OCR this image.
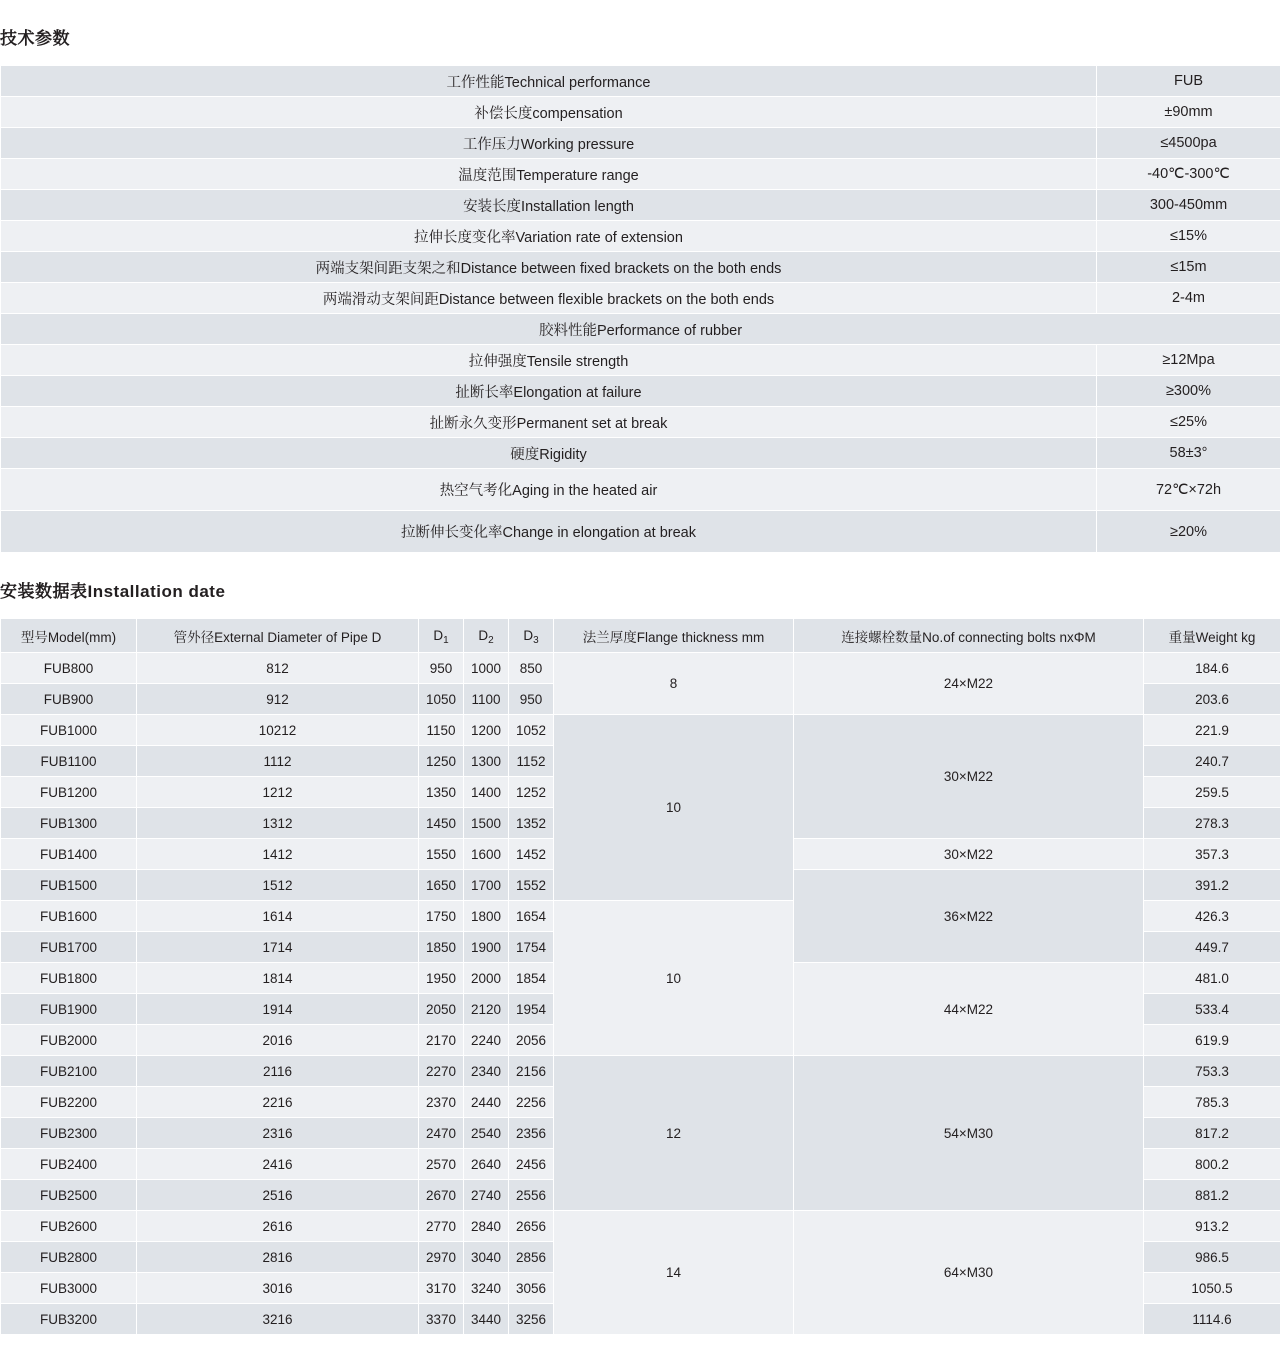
技术参数
工作性能Technical performance	FUB
补偿长度compensation	±90mm
工作压力Working pressure	≤4500pa
温度范围Temperature range	-40℃-300℃
安装长度Installation length	300-450mm
拉伸长度变化率Variation rate of extension	≤15%
两端支架间距支架之和Distance between fixed brackets on the both ends	≤15m
两端滑动支架间距Distance between flexible brackets on the both ends	2-4m
胶料性能Performance of rubber	
拉伸强度Tensile strength	≥12Mpa
扯断长率Elongation at failure	≥300%
扯断永久变形Permanent set at break	≤25%
硬度Rigidity	58±3°
热空气考化Aging in the heated air	72℃×72h
拉断伸长变化率Change in elongation at break	≥20%
安装数据表Installation date
型号Model(mm)	管外径External Diameter of Pipe D	$D_1$	$D_2$	$D_3$	法兰厚度Flange thickness mm	连接螺栓数量No.of connecting bolts nxΦM	重量Weight kg
FUB800	812	950	1000	850	8	24×M22	184.6
FUB900	912	1050	1100	950			203.6
FUB1000	10212	1150	1200	1052	10	30×M22	221.9
FUB1100	1112	1250	1300	1152			240.7
FUB1200	1212	1350	1400	1252			259.5
FUB1300	1312	1450	1500	1352			278.3
FUB1400	1412	1550	1600	1452		30×M22	357.3
FUB1500	1512	1650	1700	1552		36×M22	391.2
FUB1600	1614	1750	1800	1654	10		426.3
FUB1700	1714	1850	1900	1754			449.7
FUB1800	1814	1950	2000	1854		44×M22	481.0
FUB1900	1914	2050	2120	1954			533.4
FUB2000	2016	2170	2240	2056			619.9
FUB2100	2116	2270	2340	2156	12	54×M30	753.3
FUB2200	2216	2370	2440	2256			785.3
FUB2300	2316	2470	2540	2356			817.2
FUB2400	2416	2570	2640	2456			800.2
FUB2500	2516	2670	2740	2556			881.2
FUB2600	2616	2770	2840	2656	14	64×M30	913.2
FUB2800	2816	2970	3040	2856			986.5
FUB3000	3016	3170	3240	3056			1050.5
FUB3200	3216	3370	3440	3256			1114.6
